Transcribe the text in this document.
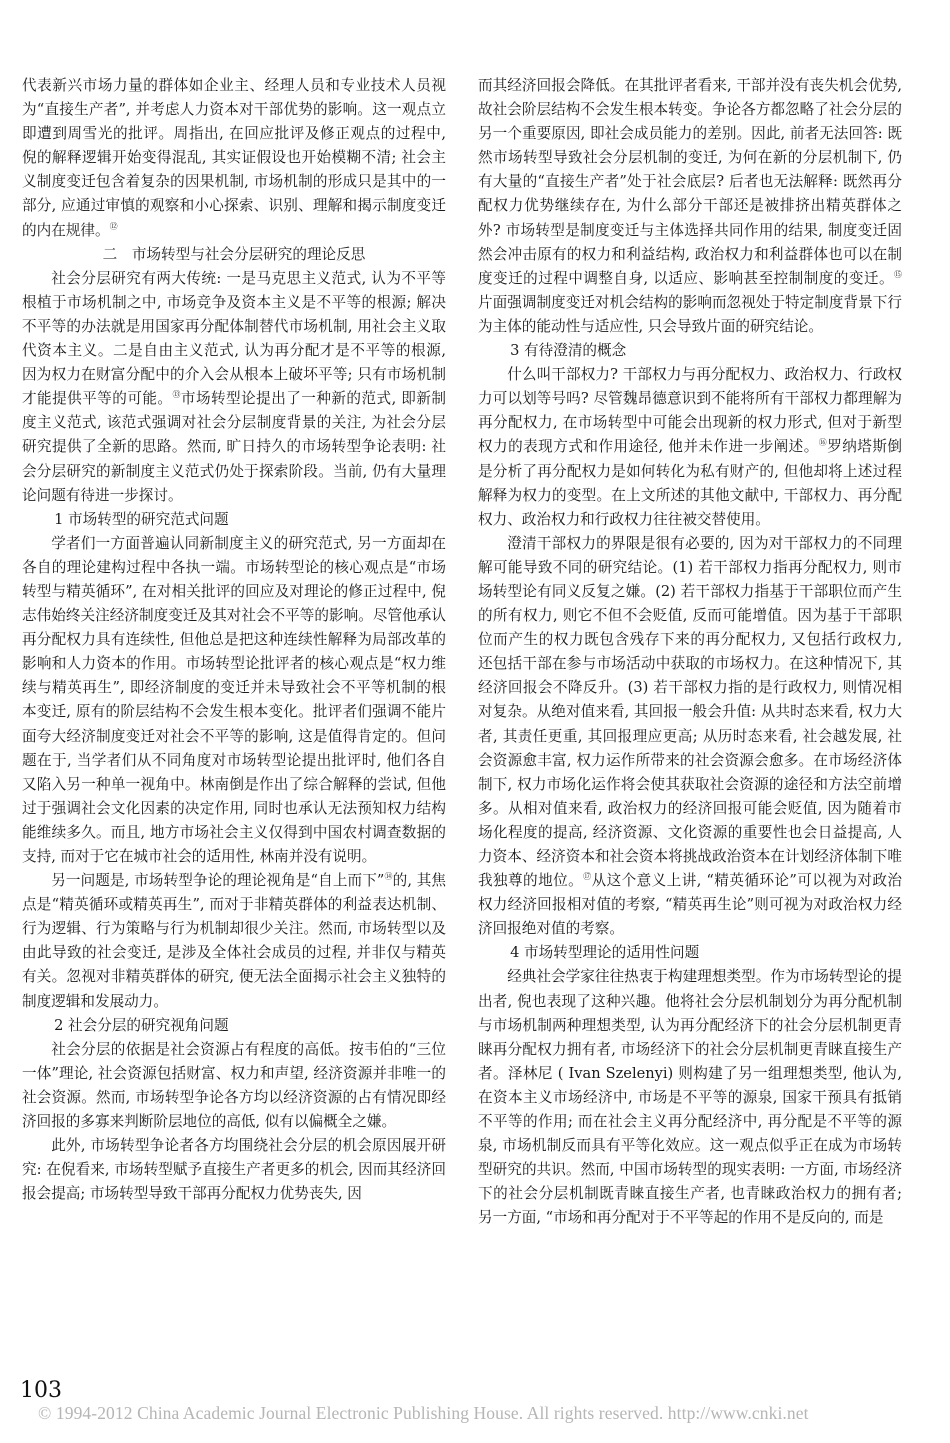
代表新兴市场力量的群体如企业主、经理人员和专业技术人员视为“直接生产者”, 并考虑人力资本对干部优势的影响。这一观点立即遭到周雪光的批评。周指出, 在回应批评及修正观点的过程中, 倪的解释逻辑开始变得混乱, 其实证假设也开始模糊不清; 社会主义制度变迁包含着复杂的因果机制, 市场机制的形成只是其中的一部分, 应通过审慎的观察和小心探索、识别、理解和揭示制度变迁的内在规律。⑫

二　市场转型与社会分层研究的理论反思

社会分层研究有两大传统: 一是马克思主义范式, 认为不平等根植于市场机制之中, 市场竞争及资本主义是不平等的根源; 解决不平等的办法就是用国家再分配体制替代市场机制, 用社会主义取代资本主义。二是自由主义范式, 认为再分配才是不平等的根源, 因为权力在财富分配中的介入会从根本上破坏平等; 只有市场机制才能提供平等的可能。⑬市场转型论提出了一种新的范式, 即新制度主义范式, 该范式强调对社会分层制度背景的关注, 为社会分层研究提供了全新的思路。然而, 旷日持久的市场转型争论表明: 社会分层研究的新制度主义范式仍处于探索阶段。当前, 仍有大量理论问题有待进一步探讨。

1 市场转型的研究范式问题

学者们一方面普遍认同新制度主义的研究范式, 另一方面却在各自的理论建构过程中各执一端。市场转型论的核心观点是“市场转型与精英循环”, 在对相关批评的回应及对理论的修正过程中, 倪志伟始终关注经济制度变迁及其对社会不平等的影响。尽管他承认再分配权力具有连续性, 但他总是把这种连续性解释为局部改革的影响和人力资本的作用。市场转型论批评者的核心观点是“权力维续与精英再生”, 即经济制度的变迁并未导致社会不平等机制的根本变迁, 原有的阶层结构不会发生根本变化。批评者们强调不能片面夸大经济制度变迁对社会不平等的影响, 这是值得肯定的。但问题在于, 当学者们从不同角度对市场转型论提出批评时, 他们各自又陷入另一种单一视角中。林南倒是作出了综合解释的尝试, 但他过于强调社会文化因素的决定作用, 同时也承认无法预知权力结构能维续多久。而且, 地方市场社会主义仅得到中国农村调查数据的支持, 而对于它在城市社会的适用性, 林南并没有说明。

另一问题是, 市场转型争论的理论视角是“自上而下”⑭的, 其焦点是“精英循环或精英再生”, 而对于非精英群体的利益表达机制、行为逻辑、行为策略与行为机制却很少关注。然而, 市场转型以及由此导致的社会变迁, 是涉及全体社会成员的过程, 并非仅与精英有关。忽视对非精英群体的研究, 便无法全面揭示社会主义独特的制度逻辑和发展动力。

2 社会分层的研究视角问题

社会分层的依据是社会资源占有程度的高低。按韦伯的“三位一体”理论, 社会资源包括财富、权力和声望, 经济资源并非唯一的社会资源。然而, 市场转型争论各方均以经济资源的占有情况即经济回报的多寡来判断阶层地位的高低, 似有以偏概全之嫌。

此外, 市场转型争论者各方均围绕社会分层的机会原因展开研究: 在倪看来, 市场转型赋予直接生产者更多的机会, 因而其经济回报会提高; 市场转型导致干部再分配权力优势丧失, 因

而其经济回报会降低。在其批评者看来, 干部并没有丧失机会优势, 故社会阶层结构不会发生根本转变。争论各方都忽略了社会分层的另一个重要原因, 即社会成员能力的差别。因此, 前者无法回答: 既然市场转型导致社会分层机制的变迁, 为何在新的分层机制下, 仍有大量的“直接生产者”处于社会底层? 后者也无法解释: 既然再分配权力优势继续存在, 为什么部分干部还是被排挤出精英群体之外? 市场转型是制度变迁与主体选择共同作用的结果, 制度变迁固然会冲击原有的权力和利益结构, 政治权力和利益群体也可以在制度变迁的过程中调整自身, 以适应、影响甚至控制制度的变迁。⑮片面强调制度变迁对机会结构的影响而忽视处于特定制度背景下行为主体的能动性与适应性, 只会导致片面的研究结论。

3 有待澄清的概念

什么叫干部权力? 干部权力与再分配权力、政治权力、行政权力可以划等号吗? 尽管魏昂德意识到不能将所有干部权力都理解为再分配权力, 在市场转型中可能会出现新的权力形式, 但对于新型权力的表现方式和作用途径, 他并未作进一步阐述。⑯罗纳塔斯倒是分析了再分配权力是如何转化为私有财产的, 但他却将上述过程解释为权力的变型。在上文所述的其他文献中, 干部权力、再分配权力、政治权力和行政权力往往被交替使用。

澄清干部权力的界限是很有必要的, 因为对干部权力的不同理解可能导致不同的研究结论。(1) 若干部权力指再分配权力, 则市场转型论有同义反复之嫌。(2) 若干部权力指基于干部职位而产生的所有权力, 则它不但不会贬值, 反而可能增值。因为基于干部职位而产生的权力既包含残存下来的再分配权力, 又包括行政权力, 还包括干部在参与市场活动中获取的市场权力。在这种情况下, 其经济回报会不降反升。(3) 若干部权力指的是行政权力, 则情况相对复杂。从绝对值来看, 其回报一般会升值: 从共时态来看, 权力大者, 其责任更重, 其回报理应更高; 从历时态来看, 社会越发展, 社会资源愈丰富, 权力运作所带来的社会资源会愈多。在市场经济体制下, 权力市场化运作将会使其获取社会资源的途径和方法空前增多。从相对值来看, 政治权力的经济回报可能会贬值, 因为随着市场化程度的提高, 经济资源、文化资源的重要性也会日益提高, 人力资本、经济资本和社会资本将挑战政治资本在计划经济体制下唯我独尊的地位。⑰从这个意义上讲, “精英循环论”可以视为对政治权力经济回报相对值的考察, “精英再生论”则可视为对政治权力经济回报绝对值的考察。

4 市场转型理论的适用性问题

经典社会学家往往热衷于构建理想类型。作为市场转型论的提出者, 倪也表现了这种兴趣。他将社会分层机制划分为再分配机制与市场机制两种理想类型, 认为再分配经济下的社会分层机制更青睐再分配权力拥有者, 市场经济下的社会分层机制更青睐直接生产者。泽林尼 ( Ivan Szelenyi) 则构建了另一组理想类型, 他认为, 在资本主义市场经济中, 市场是不平等的源泉, 国家干预具有抵销不平等的作用; 而在社会主义再分配经济中, 再分配是不平等的源泉, 市场机制反而具有平等化效应。这一观点似乎正在成为市场转型研究的共识。然而, 中国市场转型的现实表明: 一方面, 市场经济下的社会分层机制既青睐直接生产者, 也青睐政治权力的拥有者; 另一方面, “市场和再分配对于不平等起的作用不是反向的, 而是

103
© 1994-2012 China Academic Journal Electronic Publishing House. All rights reserved. http://www.cnki.net
